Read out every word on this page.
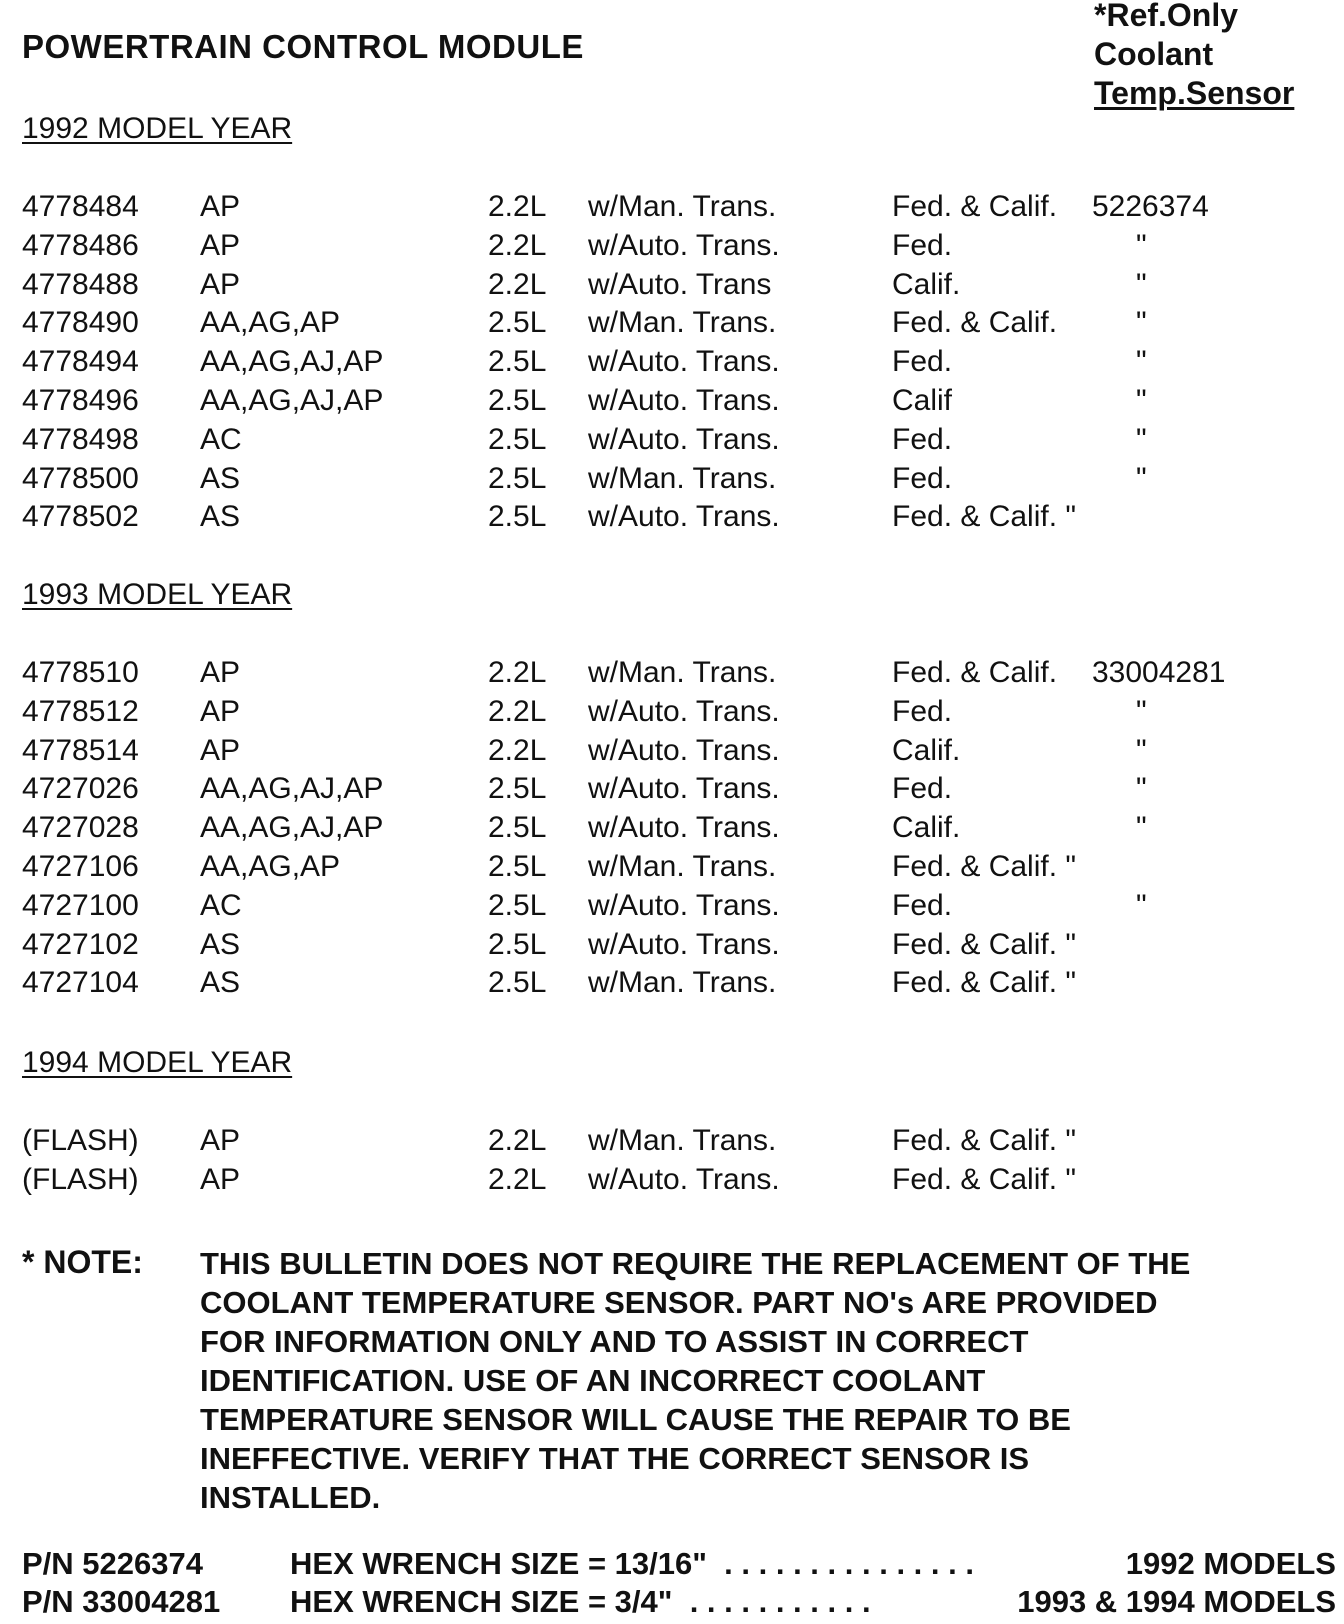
POWERTRAIN CONTROL MODULE
*Ref.Only
Coolant
Temp.Sensor
1992 MODEL YEAR
4778484 AP	2.2L w/Man. Trans.	Fed. & Calif. 5226374
4778486 AP	2.2L w/Auto. Trans.	Fed.	"
4778488 AP	2.2L w/Auto. Trans	Calif.	"
4778490 AA,AG,AP	2.5L w/Man. Trans.	Fed. & Calif.	"
4778494 AA,AG,AJ,AP	2.5L w/Auto. Trans.	Fed.	"
4778496 AA,AG,AJ,AP	2.5L w/Auto. Trans.	Calif	"
4778498 AC	2.5L w/Auto. Trans.	Fed.	"
4778500 AS	2.5L w/Man. Trans.	Fed.	"
4778502 AS	2.5L w/Auto. Trans.	Fed. & Calif. "
1993 MODEL YEAR
4778510 AP	2.2L w/Man. Trans.	Fed. & Calif. 33004281
4778512 AP	2.2L w/Auto. Trans.	Fed.	"
4778514 AP	2.2L w/Auto. Trans.	Calif.	"
4727026 AA,AG,AJ,AP	2.5L w/Auto. Trans.	Fed.	"
4727028 AA,AG,AJ,AP	2.5L w/Auto. Trans.	Calif.	"
4727106 AA,AG,AP	2.5L w/Man. Trans.	Fed. & Calif. "
4727100 AC	2.5L w/Auto. Trans.	Fed.	"
4727102 AS	2.5L w/Auto. Trans.	Fed. & Calif. "
4727104 AS	2.5L w/Man. Trans.	Fed. & Calif. "
1994 MODEL YEAR
(FLASH) AP	2.2L w/Man. Trans.	Fed. & Calif. "
(FLASH) AP	2.2L w/Auto. Trans.	Fed. & Calif. "
* NOTE: THIS BULLETIN DOES NOT REQUIRE THE REPLACEMENT OF THE
COOLANT TEMPERATURE SENSOR. PART NO's ARE PROVIDED
FOR INFORMATION ONLY AND TO ASSIST IN CORRECT
IDENTIFICATION. USE OF AN INCORRECT COOLANT
TEMPERATURE SENSOR WILL CAUSE THE REPAIR TO BE
INEFFECTIVE. VERIFY THAT THE CORRECT SENSOR IS
INSTALLED.
P/N 5226374	HEX WRENCH SIZE = 13/16"  . . . . . . . . . . . . . . .	1992 MODELS
P/N 33004281 HEX WRENCH SIZE = 3/4"  . . . . . . . . . . .	1993 & 1994 MODELS
